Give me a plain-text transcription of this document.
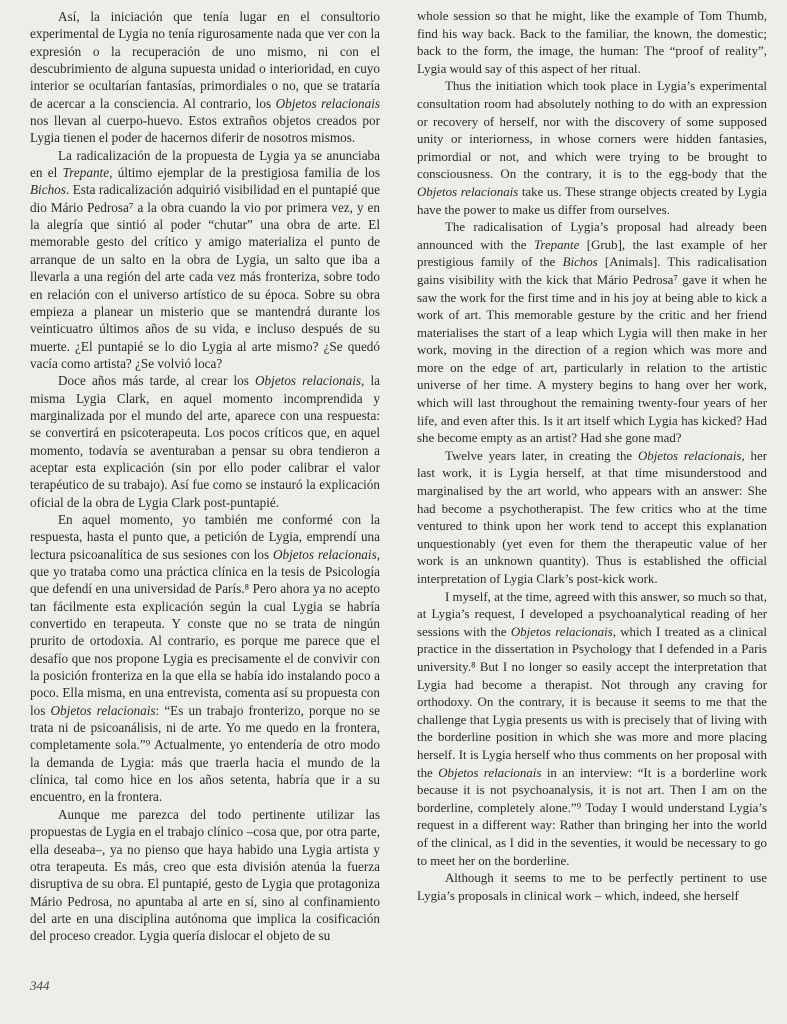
Así, la iniciación que tenía lugar en el consultorio experimental de Lygia no tenía rigurosamente nada que ver con la expresión o la recuperación de uno mismo, ni con el descubrimiento de alguna supuesta unidad o interioridad, en cuyo interior se ocultarían fantasías, primordiales o no, que se trataría de acercar a la consciencia. Al contrario, los Objetos relacionais nos llevan al cuerpo-huevo. Estos extraños objetos creados por Lygia tienen el poder de hacernos diferir de nosotros mismos.

La radicalización de la propuesta de Lygia ya se anunciaba en el Trepante, último ejemplar de la prestigiosa familia de los Bichos. Esta radicalización adquirió visibilidad en el puntapié que dio Mário Pedrosa⁷ a la obra cuando la vio por primera vez, y en la alegría que sintió al poder “chutar” una obra de arte. El memorable gesto del crítico y amigo materializa el punto de arranque de un salto en la obra de Lygia, un salto que iba a llevarla a una región del arte cada vez más fronteriza, sobre todo en relación con el universo artístico de su época. Sobre su obra empieza a planear un misterio que se mantendrá durante los veinticuatro últimos años de su vida, e incluso después de su muerte. ¿El puntapié se lo dio Lygia al arte mismo? ¿Se quedó vacía como artista? ¿Se volvió loca?

Doce años más tarde, al crear los Objetos relacionais, la misma Lygia Clark, en aquel momento incomprendida y marginalizada por el mundo del arte, aparece con una respuesta: se convertirá en psicoterapeuta. Los pocos críticos que, en aquel momento, todavía se aventuraban a pensar su obra tendieron a aceptar esta explicación (sin por ello poder calibrar el valor terapéutico de su trabajo). Así fue como se instauró la explicación oficial de la obra de Lygia Clark post-puntapié.

En aquel momento, yo también me conformé con la respuesta, hasta el punto que, a petición de Lygia, emprendí una lectura psicoanalítica de sus sesiones con los Objetos relacionais, que yo trataba como una práctica clínica en la tesis de Psicología que defendí en una universidad de París.⁸ Pero ahora ya no acepto tan fácilmente esta explicación según la cual Lygia se habría convertido en terapeuta. Y conste que no se trata de ningún prurito de ortodoxia. Al contrario, es porque me parece que el desafío que nos propone Lygia es precisamente el de convivir con la posición fronteriza en la que ella se había ido instalando poco a poco. Ella misma, en una entrevista, comenta así su propuesta con los Objetos relacionais: “Es un trabajo fronterizo, porque no se trata ni de psicoanálisis, ni de arte. Yo me quedo en la frontera, completamente sola.”⁹ Actualmente, yo entendería de otro modo la demanda de Lygia: más que traerla hacia el mundo de la clínica, tal como hice en los años setenta, habría que ir a su encuentro, en la frontera.

Aunque me parezca del todo pertinente utilizar las propuestas de Lygia en el trabajo clínico –cosa que, por otra parte, ella deseaba–, ya no pienso que haya habido una Lygia artista y otra terapeuta. Es más, creo que esta división atenúa la fuerza disruptiva de su obra. El puntapié, gesto de Lygia que protagoniza Mário Pedrosa, no apuntaba al arte en sí, sino al confinamiento del arte en una disciplina autónoma que implica la cosificación del proceso creador. Lygia quería dislocar el objeto de su

whole session so that he might, like the example of Tom Thumb, find his way back. Back to the familiar, the known, the domestic; back to the form, the image, the human: The “proof of reality”, Lygia would say of this aspect of her ritual.

Thus the initiation which took place in Lygia’s experimental consultation room had absolutely nothing to do with an expression or recovery of herself, nor with the discovery of some supposed unity or interiorness, in whose corners were hidden fantasies, primordial or not, and which were trying to be brought to consciousness. On the contrary, it is to the egg-body that the Objetos relacionais take us. These strange objects created by Lygia have the power to make us differ from ourselves.

The radicalisation of Lygia’s proposal had already been announced with the Trepante [Grub], the last example of her prestigious family of the Bichos [Animals]. This radicalisation gains visibility with the kick that Mário Pedrosa⁷ gave it when he saw the work for the first time and in his joy at being able to kick a work of art. This memorable gesture by the critic and her friend materialises the start of a leap which Lygia will then make in her work, moving in the direction of a region which was more and more on the edge of art, particularly in relation to the artistic universe of her time. A mystery begins to hang over her work, which will last throughout the remaining twenty-four years of her life, and even after this. Is it art itself which Lygia has kicked? Had she become empty as an artist? Had she gone mad?

Twelve years later, in creating the Objetos relacionais, her last work, it is Lygia herself, at that time misunderstood and marginalised by the art world, who appears with an answer: She had become a psychotherapist. The few critics who at the time ventured to think upon her work tend to accept this explanation unquestionably (yet even for them the therapeutic value of her work is an unknown quantity). Thus is established the official interpretation of Lygia Clark’s post-kick work.

I myself, at the time, agreed with this answer, so much so that, at Lygia’s request, I developed a psychoanalytical reading of her sessions with the Objetos relacionais, which I treated as a clinical practice in the dissertation in Psychology that I defended in a Paris university.⁸ But I no longer so easily accept the interpretation that Lygia had become a therapist. Not through any craving for orthodoxy. On the contrary, it is because it seems to me that the challenge that Lygia presents us with is precisely that of living with the borderline position in which she was more and more placing herself. It is Lygia herself who thus comments on her proposal with the Objetos relacionais in an interview: “It is a borderline work because it is not psychoanalysis, it is not art. Then I am on the borderline, completely alone.”⁹ Today I would understand Lygia’s request in a different way: Rather than bringing her into the world of the clinical, as I did in the seventies, it would be necessary to go to meet her on the borderline.

Although it seems to me to be perfectly pertinent to use Lygia’s proposals in clinical work – which, indeed, she herself

344
